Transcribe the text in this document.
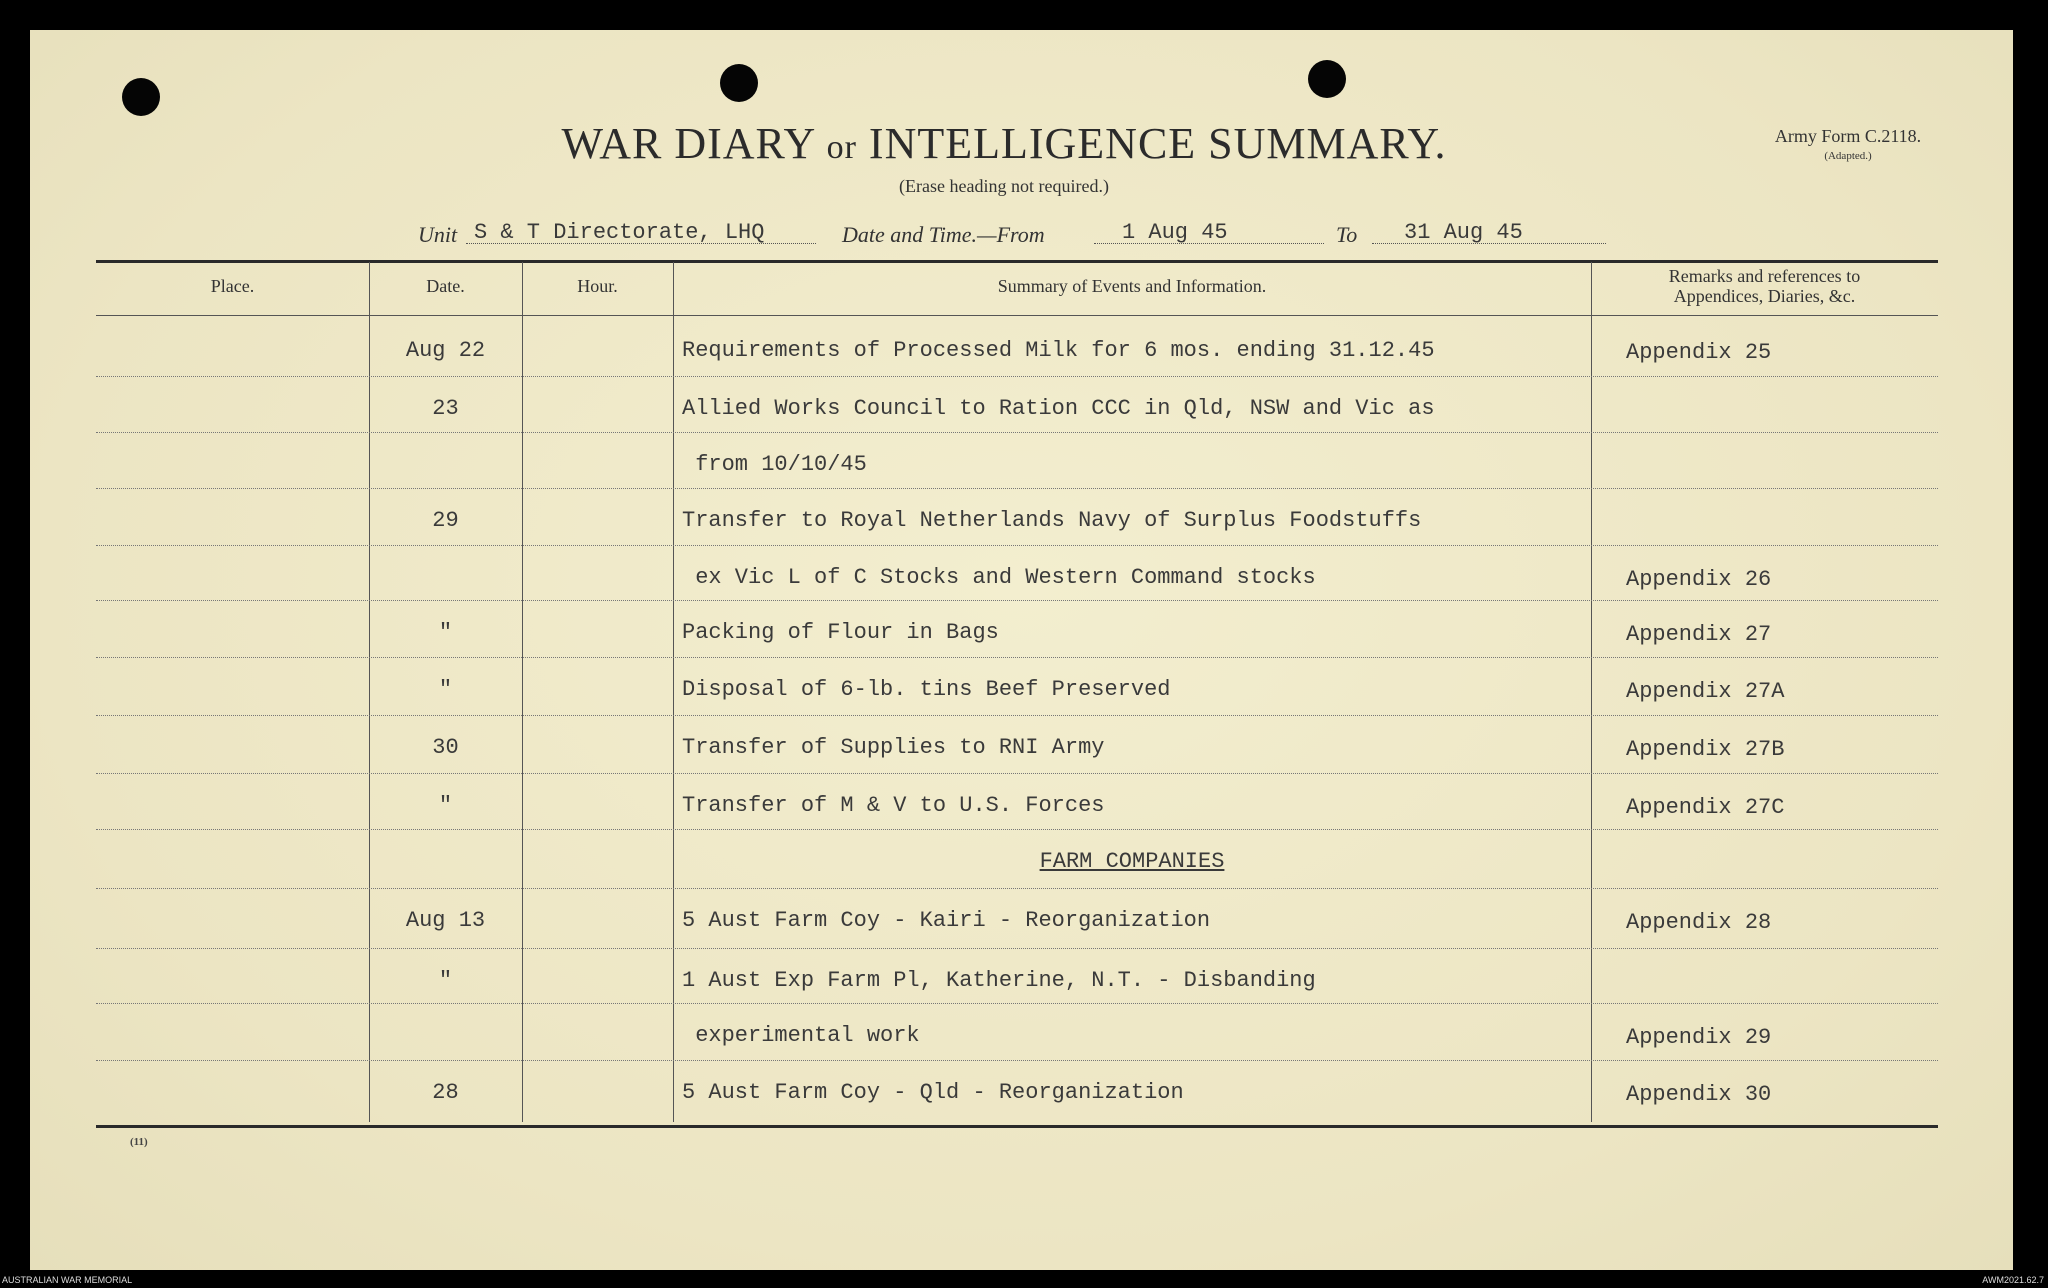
WAR DIARY or INTELLIGENCE SUMMARY.
(Erase heading not required.)
Army Form C.2118.
(Adapted.)
Unit S & T Directorate, LHQ	Date and Time.—From	1 Aug 45	To 31 Aug 45
Place.	Date.	Hour.	Summary of Events and Information.	Remarks and references to
Appendices, Diaries, &c.
Aug 22	Requirements of Processed Milk for 6 mos. ending 31.12.45	Appendix 25
23	Allied Works Council to Ration CCC in Qld, NSW and Vic as
from 10/10/45
29	Transfer to Royal Netherlands Navy of Surplus Foodstuffs
ex Vic L of C Stocks and Western Command stocks	Appendix 26
"	Packing of Flour in Bags	Appendix 27
"	Disposal of 6-lb. tins Beef Preserved	Appendix 27A
30	Transfer of Supplies to RNI Army	Appendix 27B
"	Transfer of M & V to U.S. Forces	Appendix 27C
FARM COMPANIES
Aug 13	5 Aust Farm Coy - Kairi - Reorganization	Appendix 28
"	1 Aust Exp Farm Pl, Katherine, N.T. - Disbanding
experimental work	Appendix 29
28	5 Aust Farm Coy - Qld - Reorganization	Appendix 30
(11)
AUSTRALIAN WAR MEMORIAL	AWM2021.62.7
